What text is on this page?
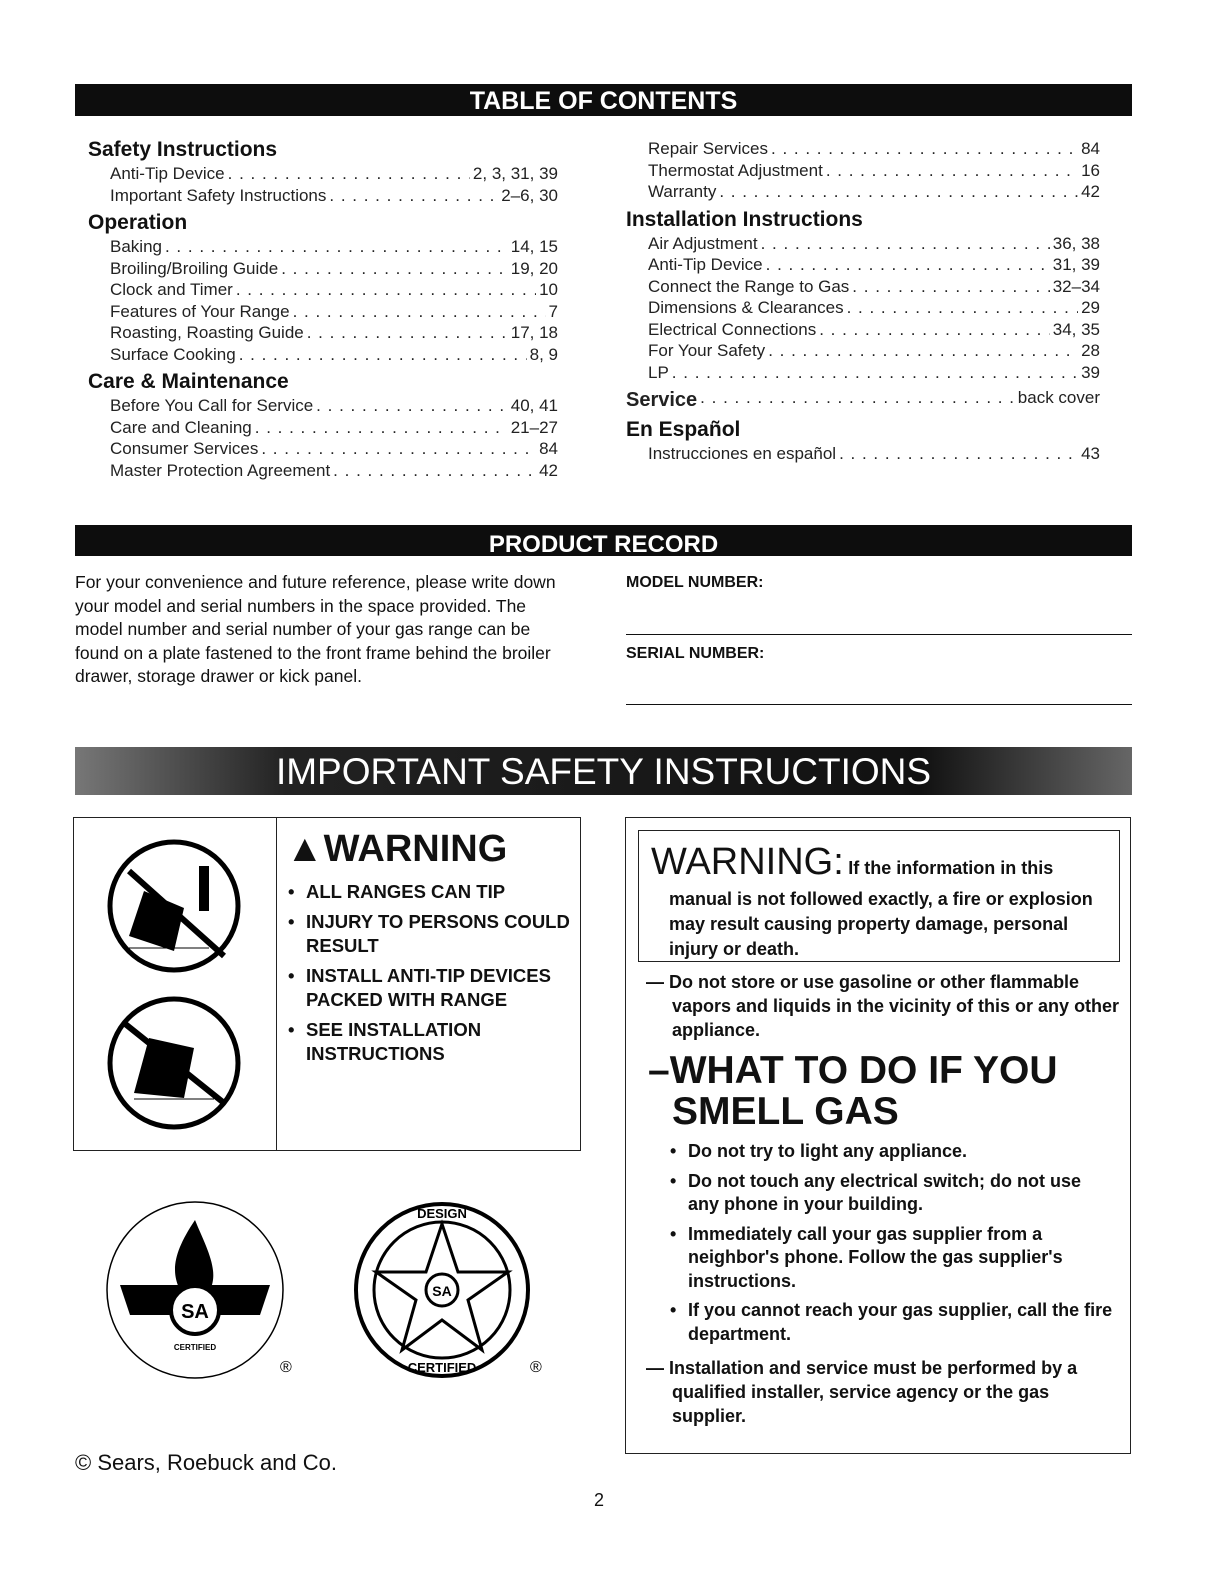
TABLE OF CONTENTS
Safety Instructions
Anti-Tip Device . . .	2, 3, 31, 39
Important Safety Instructions . . .	2–6, 30
Operation
Baking . . .	14, 15
Broiling/Broiling Guide . . .	19, 20
Clock and Timer . . .	10
Features of Your Range . . .	7
Roasting, Roasting Guide . . .	17, 18
Surface Cooking . . .	8, 9
Care & Maintenance
Before You Call for Service . . .	40, 41
Care and Cleaning . . .	21–27
Consumer Services . . .	84
Master Protection Agreement . . .	42
Repair Services . . .	84
Thermostat Adjustment . . .	16
Warranty . . .	42
Installation Instructions
Air Adjustment . . .	36, 38
Anti-Tip Device . . .	31, 39
Connect the Range to Gas . . .	32–34
Dimensions & Clearances . . .	29
Electrical Connections . . .	34, 35
For Your Safety . . .	28
LP . . .	39
Service . . .	back cover
En Español
Instrucciones en español . . .	43
PRODUCT RECORD
For your convenience and future reference, please write down your model and serial numbers in the space provided. The model number and serial number of your gas range can be found on a plate fastened to the front frame behind the broiler drawer, storage drawer or kick panel.
MODEL NUMBER:
SERIAL NUMBER:
IMPORTANT SAFETY INSTRUCTIONS
▲WARNING
• ALL RANGES CAN TIP
• INJURY TO PERSONS COULD RESULT
• INSTALL ANTI-TIP DEVICES PACKED WITH RANGE
• SEE INSTALLATION INSTRUCTIONS
SA
CERTIFIED
®
SA
DESIGN
CERTIFIED	®
WARNING: If the information in this
manual is not followed exactly, a fire or explosion may result causing property damage, personal injury or death.
— Do not store or use gasoline or other flammable vapors and liquids in the vicinity of this or any other appliance.
–WHAT TO DO IF YOU SMELL GAS
• Do not try to light any appliance.
• Do not touch any electrical switch; do not use any phone in your building.
• Immediately call your gas supplier from a neighbor's phone. Follow the gas supplier's instructions.
• If you cannot reach your gas supplier, call the fire department.
— Installation and service must be performed by a qualified installer, service agency or the gas supplier.
© Sears, Roebuck and Co.
2
